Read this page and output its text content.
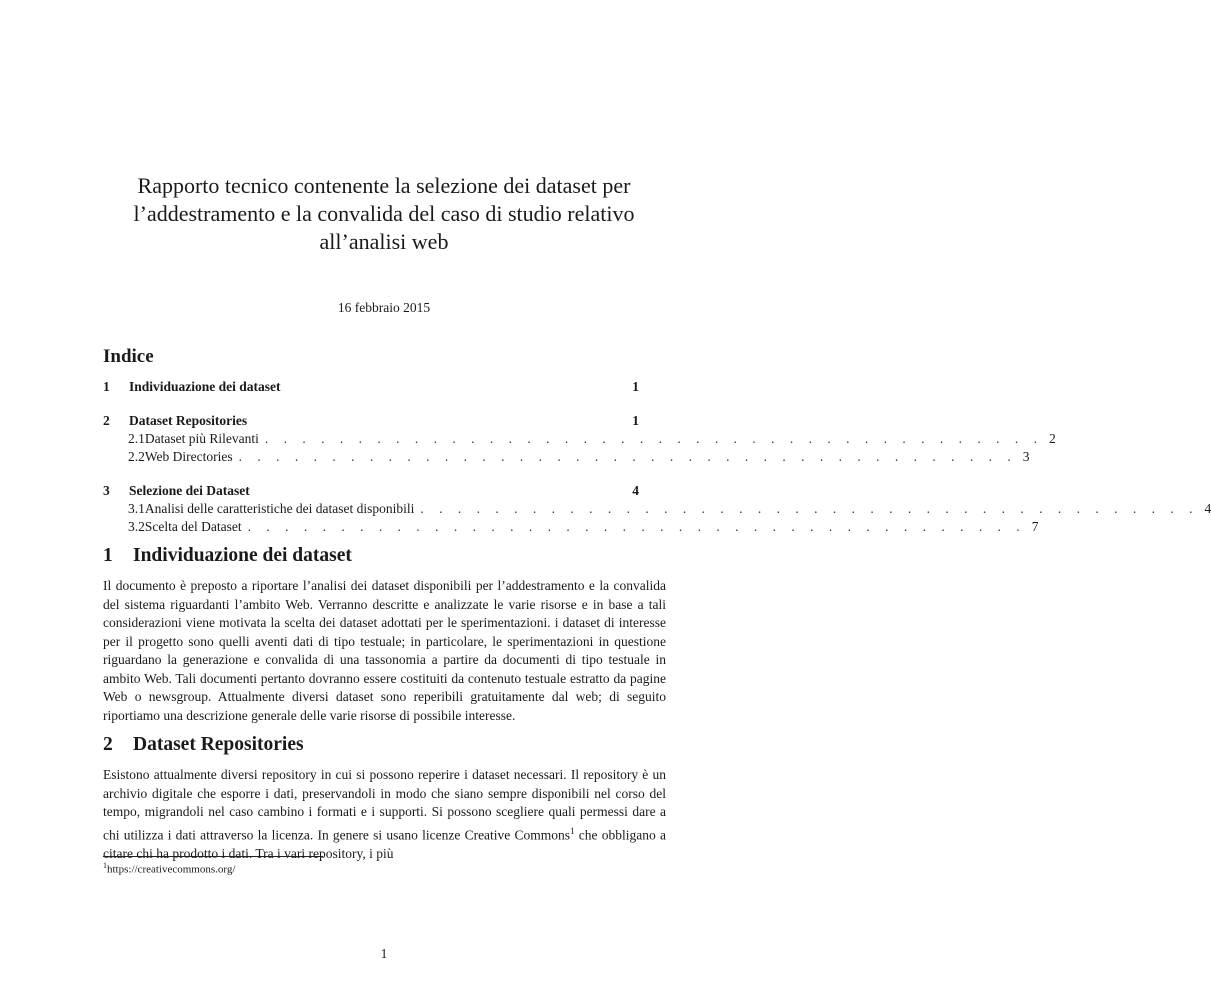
Rapporto tecnico contenente la selezione dei dataset per
l’addestramento e la convalida del caso di studio relativo
all’analisi web
16 febbraio 2015
Indice
1	Individuazione dei dataset	1
2	Dataset Repositories	1
2.1 Dataset più Rilevanti . . . . . . . . . . . . . . . . . . . . . . . . . . . . . . . . . . . . . . . . . . 2
2.2 Web Directories . . . . . . . . . . . . . . . . . . . . . . . . . . . . . . . . . . . . . . . . . . 3
3	Selezione dei Dataset	4
3.1 Analisi delle caratteristiche dei dataset disponibili . . . . . . . . . . . . . . . . . . . . . . . . . . . . . . . . . . . . . . . . . . 4
3.2 Scelta del Dataset . . . . . . . . . . . . . . . . . . . . . . . . . . . . . . . . . . . . . . . . . . 7
1 Individuazione dei dataset
Il documento è preposto a riportare l’analisi dei dataset disponibili per l’addestramento e la convalida del sistema riguardanti l’ambito Web. Verranno descritte e analizzate le varie risorse e in base a tali considerazioni viene motivata la scelta dei dataset adottati per le sperimentazioni. i dataset di interesse per il progetto sono quelli aventi dati di tipo testuale; in particolare, le sperimentazioni in questione riguardano la generazione e convalida di una tassonomia a partire da documenti di tipo testuale in ambito Web. Tali documenti pertanto dovranno essere costituiti da contenuto testuale estratto da pagine Web o newsgroup. Attualmente diversi dataset sono reperibili gratuitamente dal web; di seguito riportiamo una descrizione generale delle varie risorse di possibile interesse.
2 Dataset Repositories
Esistono attualmente diversi repository in cui si possono reperire i dataset necessari. Il repository è un archivio digitale che esporre i dati, preservandoli in modo che siano sempre disponibili nel corso del tempo, migrandoli nel caso cambino i formati e i supporti. Si possono scegliere quali permessi dare a chi utilizza i dati attraverso la licenza. In genere si usano licenze Creative Commons$^1$ che obbligano a citare chi ha prodotto i dati. Tra i vari repository, i più
$^1$https://creativecommons.org/
1
